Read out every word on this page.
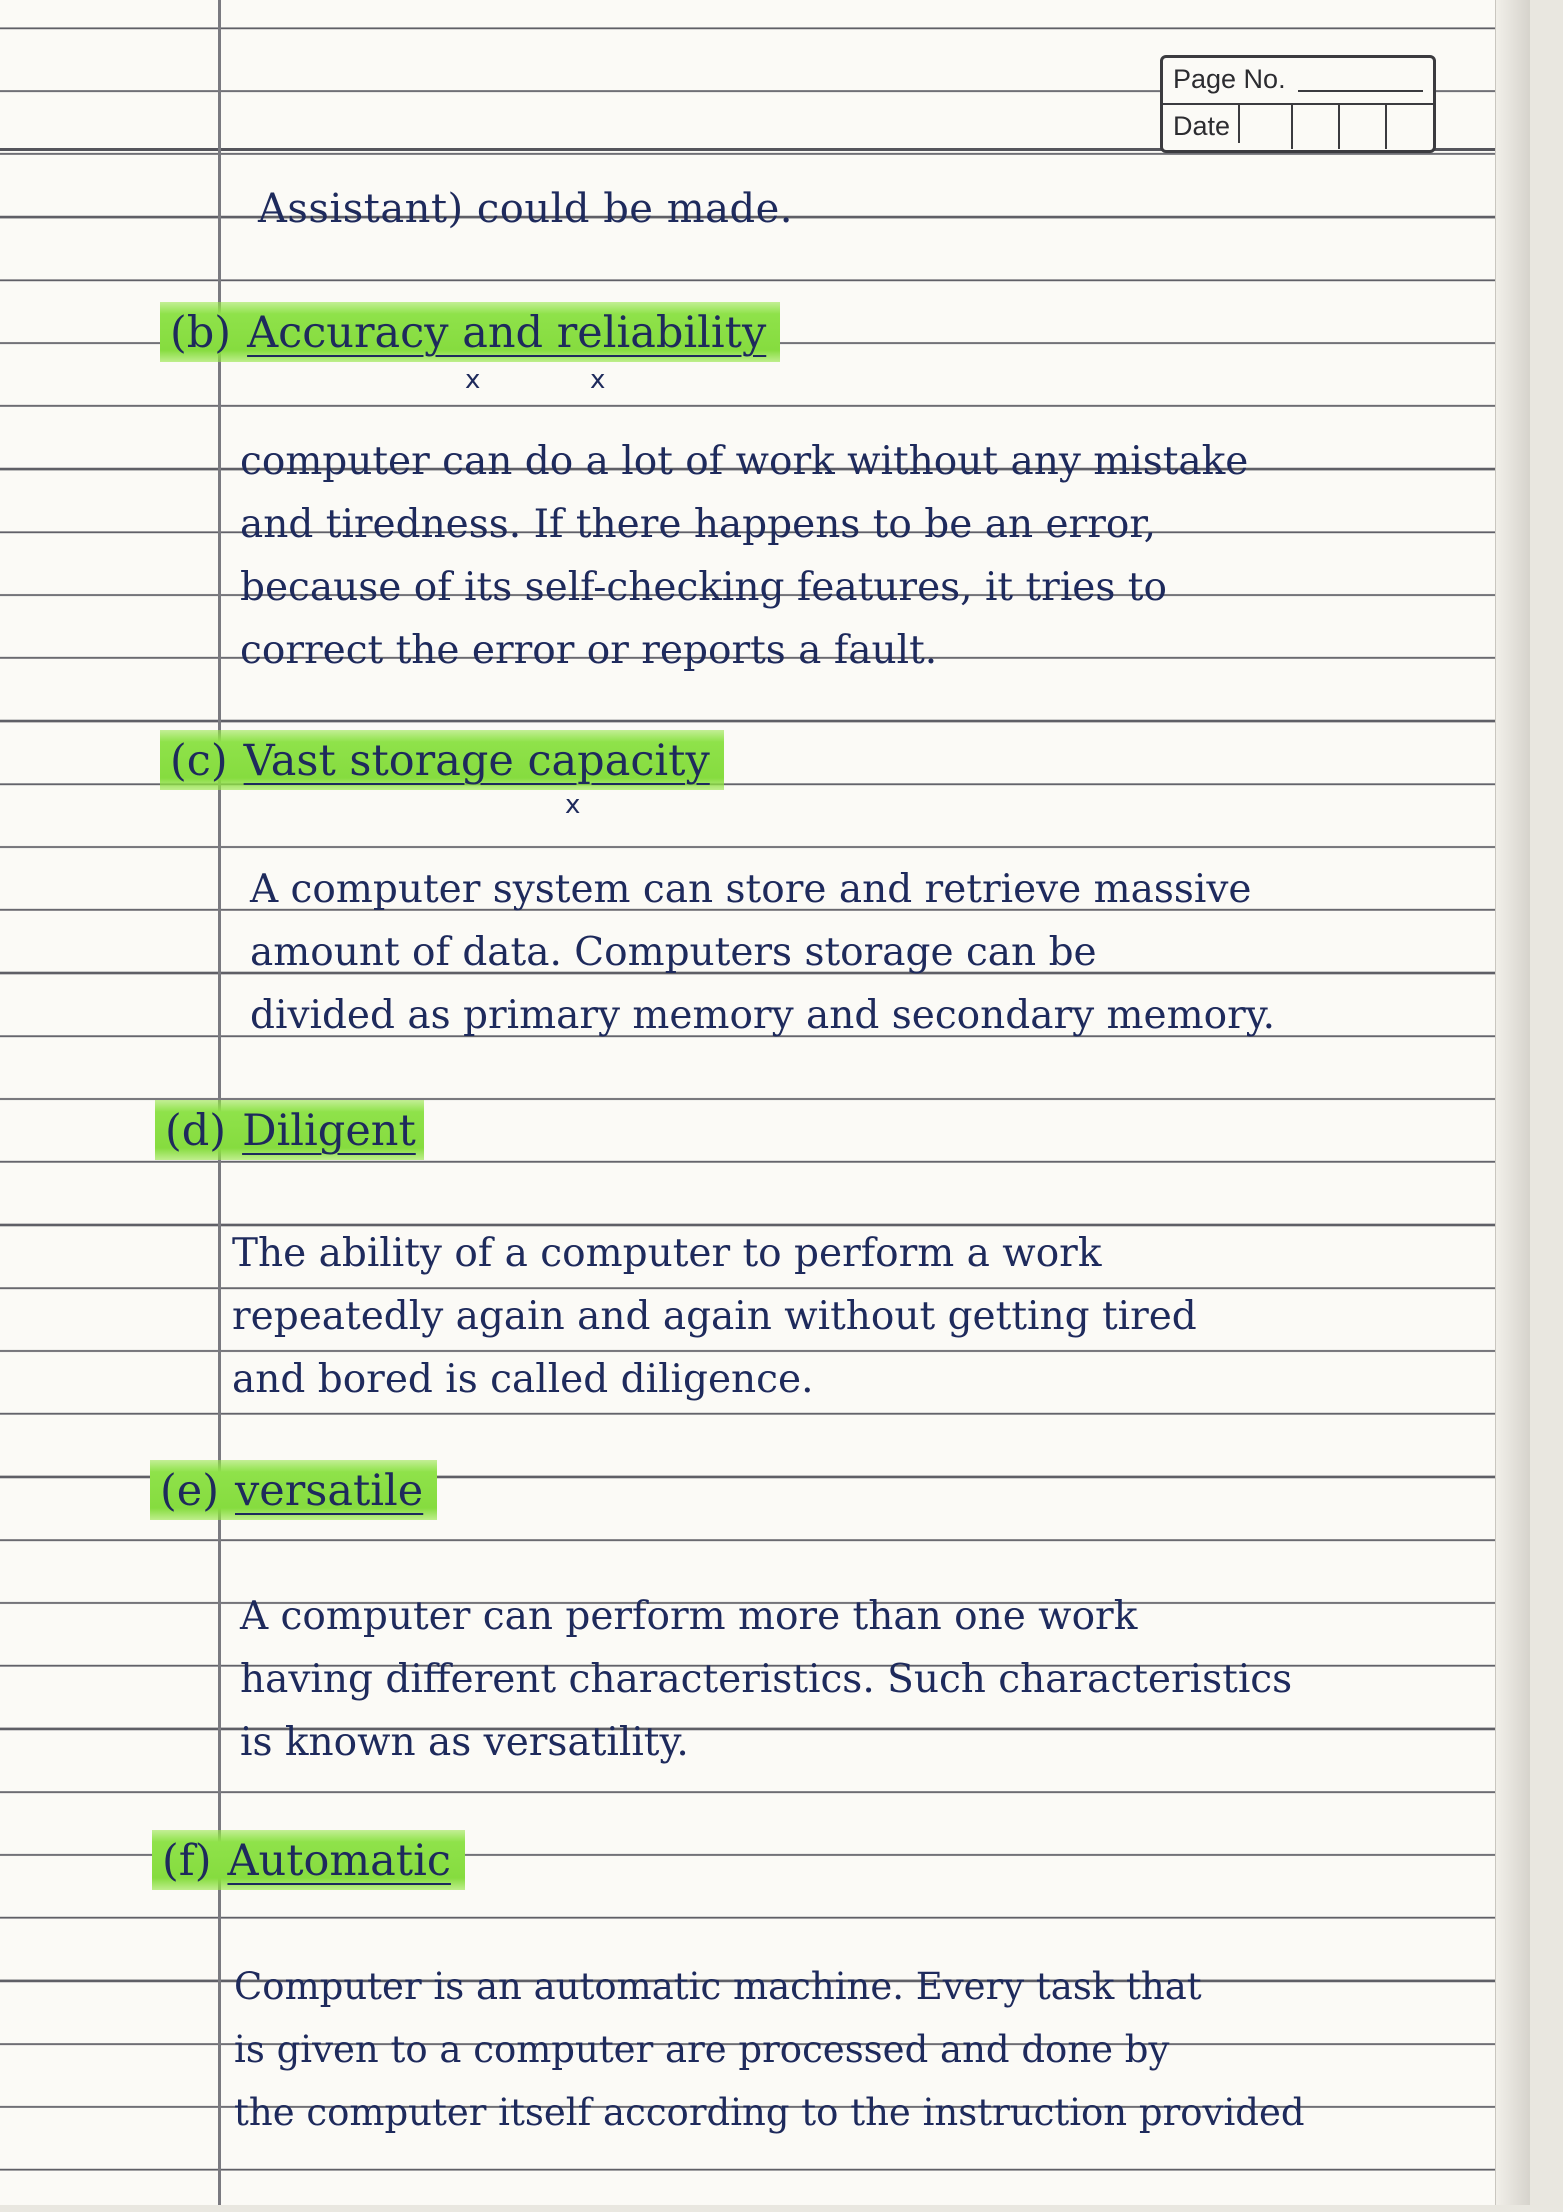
Page No.
Date
Assistant) could be made.
(b) Accuracy and reliability
x	x
computer can do a lot of work without any mistake
and tiredness. If there happens to be an error,
because of its self-checking features, it tries to
correct the error or reports a fault.
(c) Vast storage capacity
x
A computer system can store and retrieve massive
amount of data. Computers storage can be
divided as primary memory and secondary memory.
(d) Diligent
The ability of a computer to perform a work
repeatedly again and again without getting tired
and bored is called diligence.
(e) versatile
A computer can perform more than one work
having different characteristics. Such characteristics
is known as versatility.
(f) Automatic
Computer is an automatic machine. Every task that
is given to a computer are processed and done by
the computer itself according to the instruction provided
